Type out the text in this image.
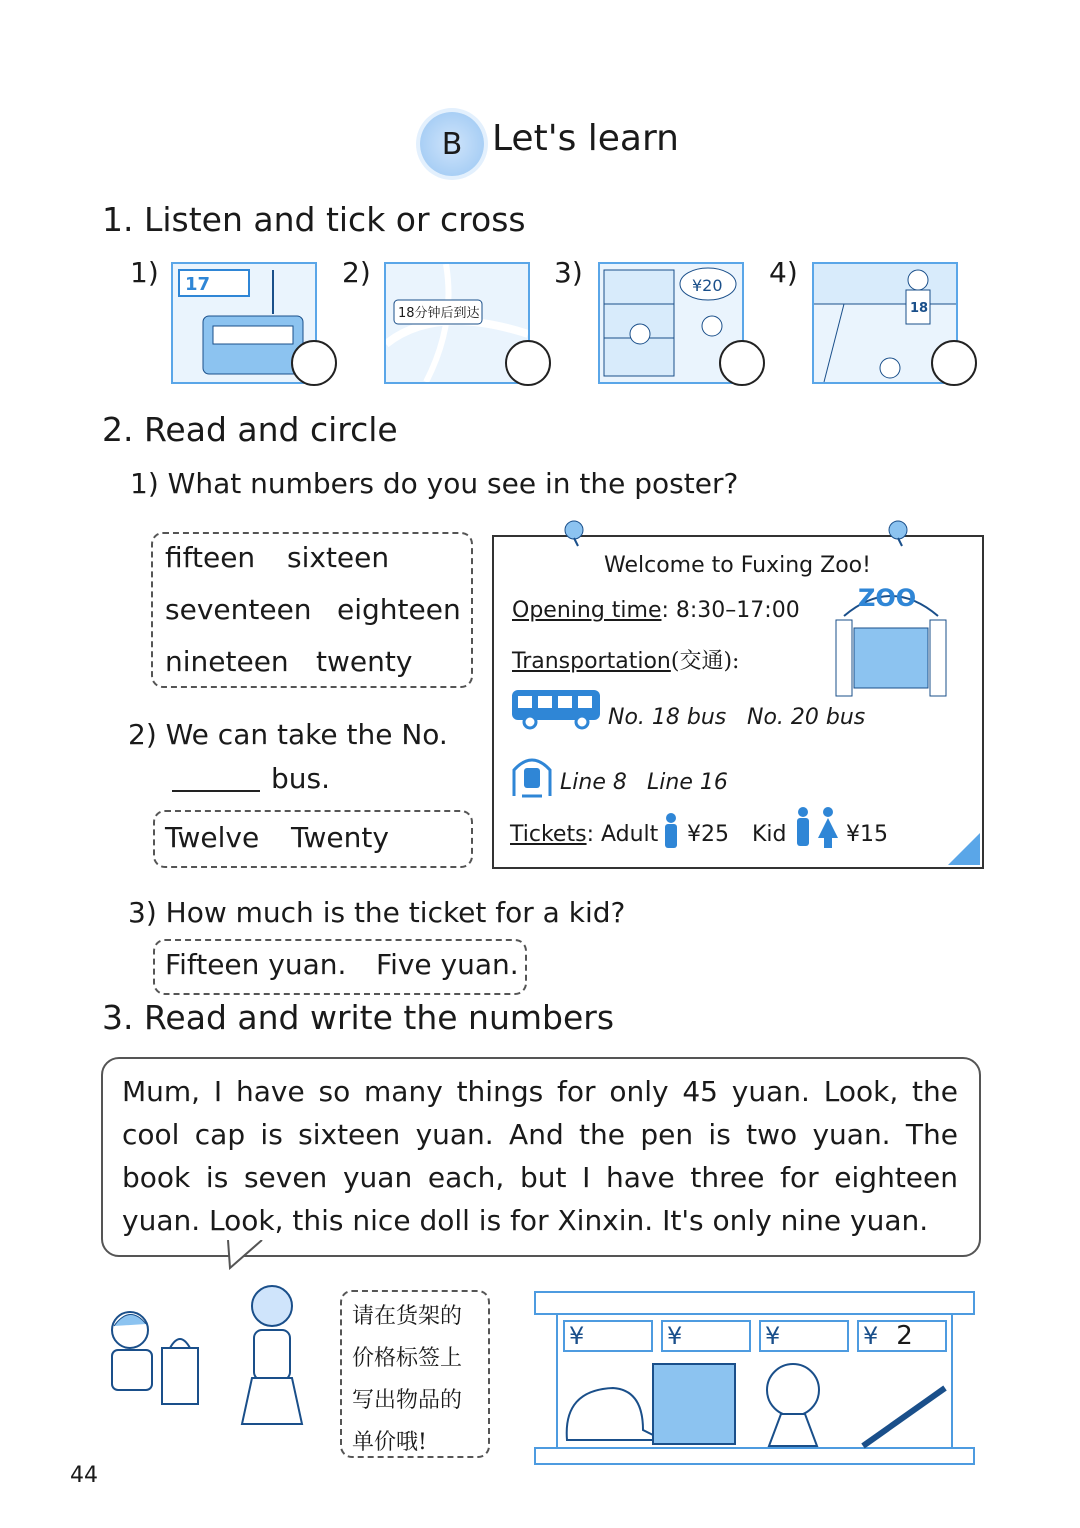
B Let's learn
1. Listen and tick or cross
1) 17	2)
18分钟后到达
3)	¥20 4)
18
2. Read and circle
1) What numbers do you see in the poster?
fifteen sixteen
seventeen eighteen
nineteen twenty
2) We can take the No.
bus.
Twelve Twenty
Welcome to Fuxing Zoo!
Opening time: 8:30–17:00
Transportation(交通):
ZOO
No. 18 bus No. 20 bus
Line 8 Line 16
Tickets: Adult ¥25 Kid	¥15
3) How much is the ticket for a kid?
Fifteen yuan. Five yuan.
3. Read and write the numbers
Mum, I have so many things for only 45 yuan. Look, the cool cap is sixteen yuan. And the pen is two yuan. The book is seven yuan each, but I have three for eighteen yuan. Look, this nice doll is for Xinxin. It's only nine yuan.
请在货架的价格标签上写出物品的单价哦!
¥	¥	¥	¥ 2
44
